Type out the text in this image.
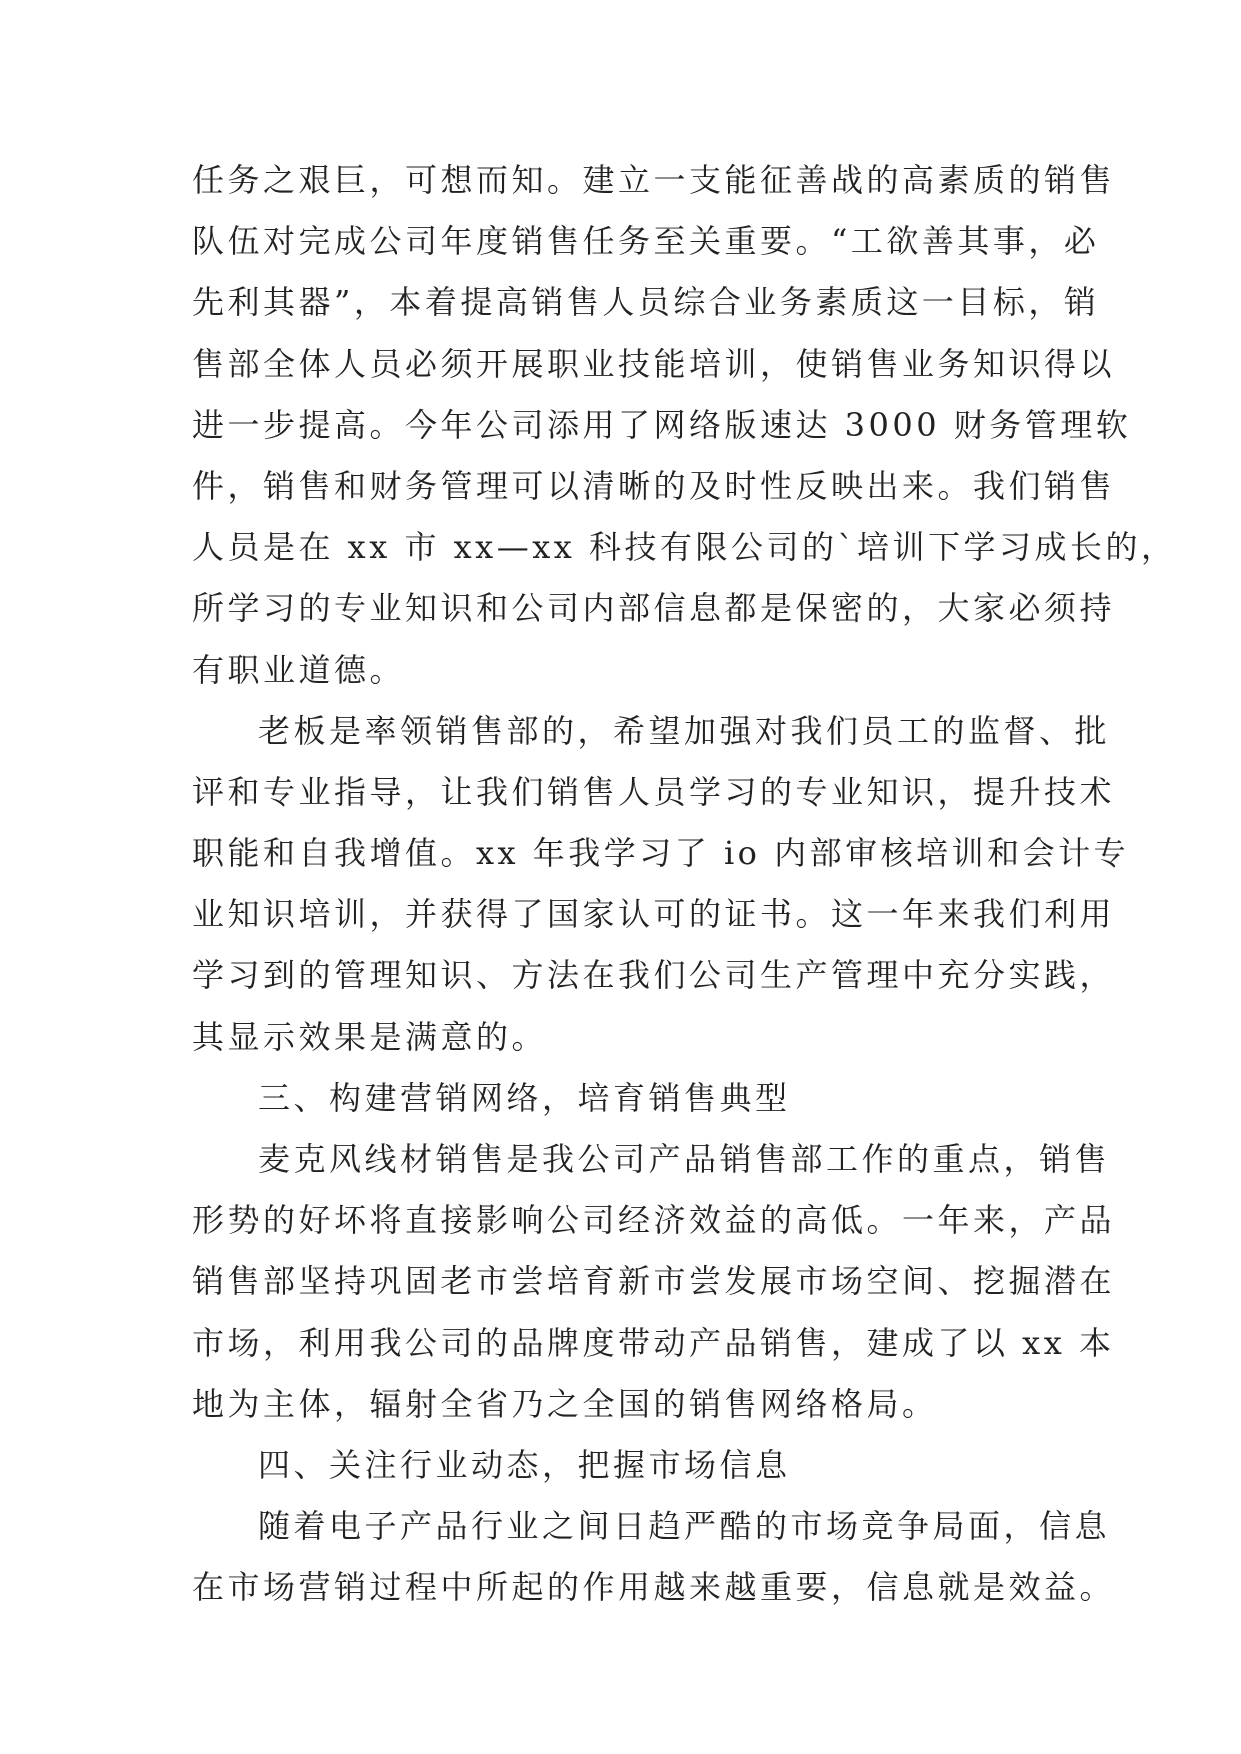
任务之艰巨，可想而知。建立一支能征善战的高素质的销售
队伍对完成公司年度销售任务至关重要。“工欲善其事，必
先利其器”，本着提高销售人员综合业务素质这一目标，销
售部全体人员必须开展职业技能培训，使销售业务知识得以
进一步提高。今年公司添用了网络版速达 3000 财务管理软
件，销售和财务管理可以清晰的及时性反映出来。我们销售
人员是在 xx 市 xx—xx 科技有限公司的`培训下学习成长的，
所学习的专业知识和公司内部信息都是保密的，大家必须持
有职业道德。

老板是率领销售部的，希望加强对我们员工的监督、批
评和专业指导，让我们销售人员学习的专业知识，提升技术
职能和自我增值。xx 年我学习了 io 内部审核培训和会计专
业知识培训，并获得了国家认可的证书。这一年来我们利用
学习到的管理知识、方法在我们公司生产管理中充分实践，
其显示效果是满意的。

三、构建营销网络，培育销售典型

麦克风线材销售是我公司产品销售部工作的重点，销售
形势的好坏将直接影响公司经济效益的高低。一年来，产品
销售部坚持巩固老市尝培育新市尝发展市场空间、挖掘潜在
市场，利用我公司的品牌度带动产品销售，建成了以 xx 本
地为主体，辐射全省乃之全国的销售网络格局。

四、关注行业动态，把握市场信息

随着电子产品行业之间日趋严酷的市场竞争局面，信息
在市场营销过程中所起的作用越来越重要，信息就是效益。
